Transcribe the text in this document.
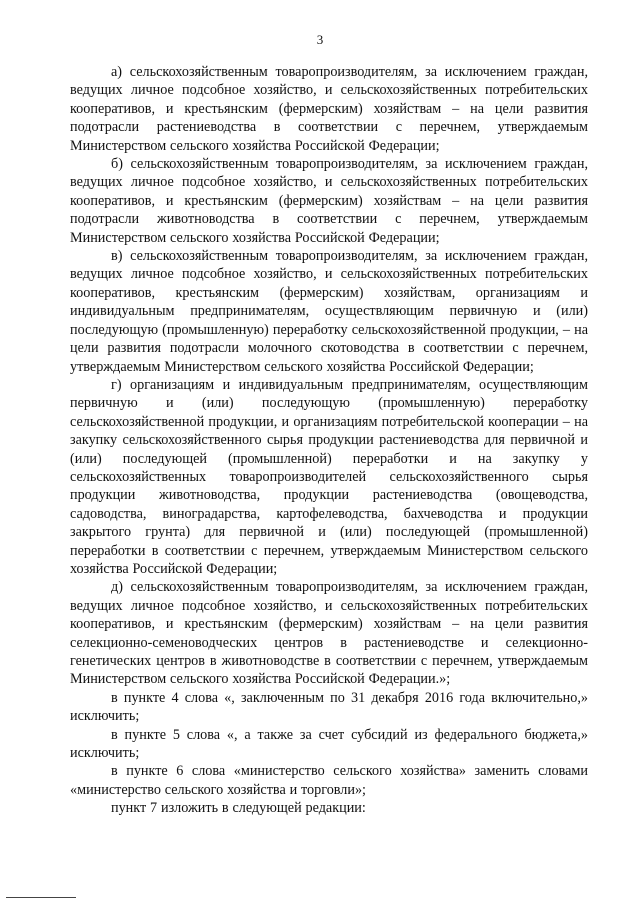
3

а) сельскохозяйственным товаропроизводителям, за исключением граждан, ведущих личное подсобное хозяйство, и сельскохозяйственных потребительских кооперативов, и крестьянским (фермерским) хозяйствам – на цели развития подотрасли растениеводства в соответствии с перечнем, утверждаемым Министерством сельского хозяйства Российской Федерации;

б) сельскохозяйственным товаропроизводителям, за исключением граждан, ведущих личное подсобное хозяйство, и сельскохозяйственных потребительских кооперативов, и крестьянским (фермерским) хозяйствам – на цели развития подотрасли животноводства в соответствии с перечнем, утверждаемым Министерством сельского хозяйства Российской Федерации;

в) сельскохозяйственным товаропроизводителям, за исключением граждан, ведущих личное подсобное хозяйство, и сельскохозяйственных потребительских кооперативов, крестьянским (фермерским) хозяйствам, организациям и индивидуальным предпринимателям, осуществляющим первичную и (или) последующую (промышленную) переработку сельскохозяйственной продукции, – на цели развития подотрасли молочного скотоводства в соответствии с перечнем, утверждаемым Министерством сельского хозяйства Российской Федерации;

г) организациям и индивидуальным предпринимателям, осуществляющим первичную и (или) последующую (промышленную) переработку сельскохозяйственной продукции, и организациям потребительской кооперации – на закупку сельскохозяйственного сырья продукции растениеводства для первичной и (или) последующей (промышленной) переработки и на закупку у сельскохозяйственных товаропроизводителей сельскохозяйственного сырья продукции животноводства, продукции растениеводства (овощеводства, садоводства, виноградарства, картофелеводства, бахчеводства и продукции закрытого грунта) для первичной и (или) последующей (промышленной) переработки в соответствии с перечнем, утверждаемым Министерством сельского хозяйства Российской Федерации;

д) сельскохозяйственным товаропроизводителям, за исключением граждан, ведущих личное подсобное хозяйство, и сельскохозяйственных потребительских кооперативов, и крестьянским (фермерским) хозяйствам – на цели развития селекционно-семеноводческих центров в растениеводстве и селекционно-генетических центров в животноводстве в соответствии с перечнем, утверждаемым Министерством сельского хозяйства Российской Федерации.»;

в пункте 4 слова «, заключенным по 31 декабря 2016 года включительно,» исключить;

в пункте 5 слова «, а также за счет субсидий из федерального бюджета,» исключить;

в пункте 6 слова «министерство сельского хозяйства» заменить словами «министерство сельского хозяйства и торговли»;

пункт 7 изложить в следующей редакции:
